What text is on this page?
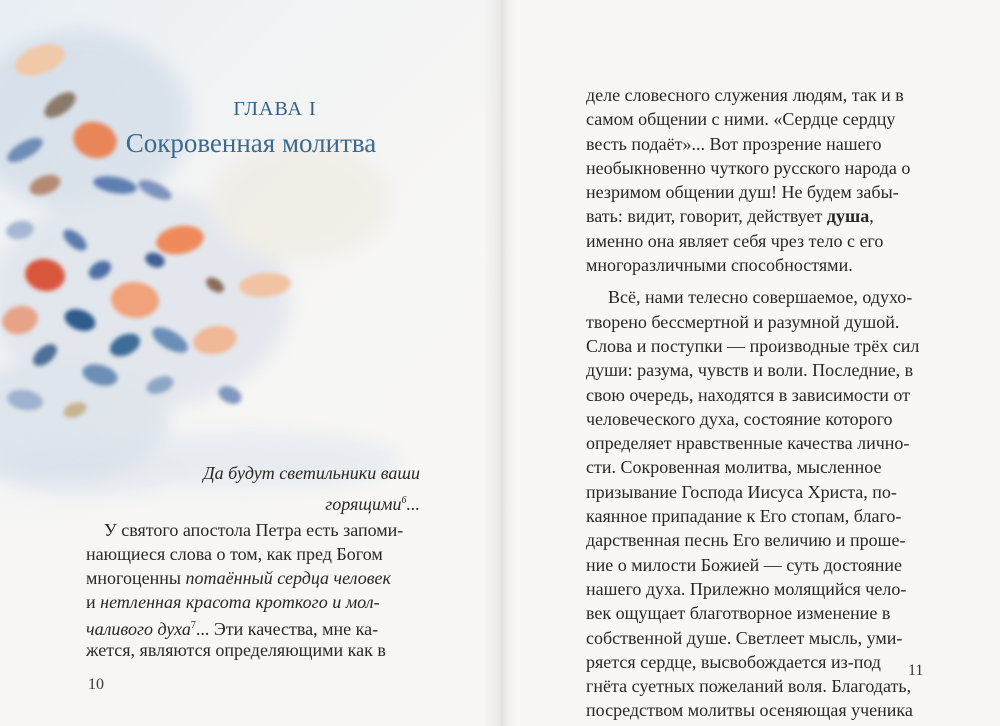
ГЛАВА I
Сокровенная молитва
Да будут светильники ваши
горящими$^6$...
У святого апостола Петра есть запоми-
нающиеся слова о том, как пред Богом
многоценны потаённый сердца человек
и нетленная красота кроткого и мол-
чаливого духа$^7$... Эти качества, мне ка-
жется, являются определяющими как в
10
деле словесного служения людям, так и в
самом общении с ними. «Сердце сердцу
весть подаёт»... Вот прозрение нашего
необыкновенно чуткого русского народа о
незримом общении душ! Не будем забы-
вать: видит, говорит, действует душа,
именно она являет себя чрез тело с его
многоразличными способностями.
Всё, нами телесно совершаемое, одухо-
творено бессмертной и разумной душой.
Слова и поступки — производные трёх сил
души: разума, чувств и воли. Последние, в
свою очередь, находятся в зависимости от
человеческого духа, состояние которого
определяет нравственные качества лично-
сти. Сокровенная молитва, мысленное
призывание Господа Иисуса Христа, по-
каянное припадание к Его стопам, благо-
дарственная песнь Его величию и проше-
ние о милости Божией — суть достояние
нашего духа. Прилежно молящийся чело-
век ощущает благотворное изменение в
собственной душе. Светлеет мысль, уми-
ряется сердце, высвобождается из-под
гнёта суетных пожеланий воля. Благодать,
посредством молитвы осеняющая ученика
11
